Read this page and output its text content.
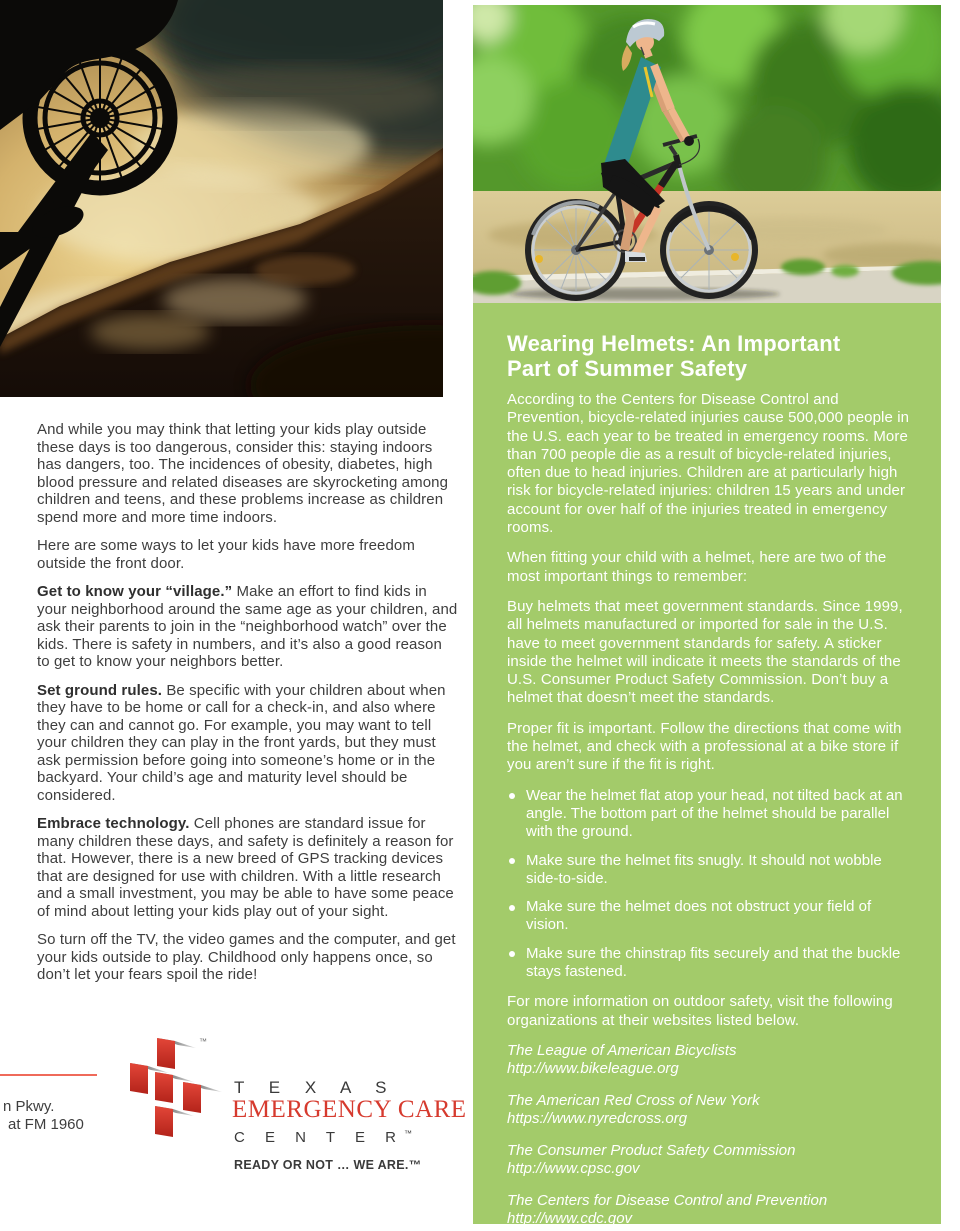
And while you may think that letting your kids play outside these days is too dangerous, consider this: staying indoors has dangers, too. The incidences of obesity, diabetes, high blood pressure and related diseases are skyrocketing among children and teens, and these problems increase as children spend more and more time indoors.

Here are some ways to let your kids have more freedom outside the front door.

Get to know your “village.” Make an effort to find kids in your neighborhood around the same age as your children, and ask their parents to join in the “neighborhood watch” over the kids. There is safety in numbers, and it’s also a good reason to get to know your neighbors better.

Set ground rules. Be specific with your children about when they have to be home or call for a check-in, and also where they can and cannot go. For example, you may want to tell your children they can play in the front yards, but they must ask permission before going into someone’s home or in the backyard. Your child’s age and maturity level should be considered.

Embrace technology. Cell phones are standard issue for many children these days, and safety is definitely a reason for that. However, there is a new breed of GPS tracking devices that are designed for use with children. With a little research and a small investment, you may be able to have some peace of mind about letting your kids play out of your sight.

So turn off the TV, the video games and the computer, and get your kids outside to play. Childhood only happens once, so don’t let your fears spoil the ride!

n Pkwy.
at FM 1960
™
T E X A S
EMERGENCY CARE
C E N T E R™
READY OR NOT … WE ARE.™
Wearing Helmets: An Important
Part of Summer Safety

According to the Centers for Disease Control and Prevention, bicycle-related injuries cause 500,000 people in the U.S. each year to be treated in emergency rooms. More than 700 people die as a result of bicycle-related injuries, often due to head injuries. Children are at particularly high risk for bicycle-related injuries: children 15 years and under account for over half of the injuries treated in emergency rooms.

When fitting your child with a helmet, here are two of the most important things to remember:

Buy helmets that meet government standards. Since 1999, all helmets manufactured or imported for sale in the U.S. have to meet government standards for safety. A sticker inside the helmet will indicate it meets the standards of the U.S. Consumer Product Safety Commission. Don’t buy a helmet that doesn’t meet the standards.

Proper fit is important. Follow the directions that come with the helmet, and check with a professional at a bike store if you aren’t sure if the fit is right.

Wear the helmet flat atop your head, not tilted back at an angle. The bottom part of the helmet should be parallel with the ground.
Make sure the helmet fits snugly. It should not wobble side-to-side.
Make sure the helmet does not obstruct your field of vision.
Make sure the chinstrap fits securely and that the buckle stays fastened.

For more information on outdoor safety, visit the following organizations at their websites listed below.

The League of American Bicyclists
http://www.bikeleague.org
The American Red Cross of New York
https://www.nyredcross.org
The Consumer Product Safety Commission
http://www.cpsc.gov
The Centers for Disease Control and Prevention
http://www.cdc.gov
